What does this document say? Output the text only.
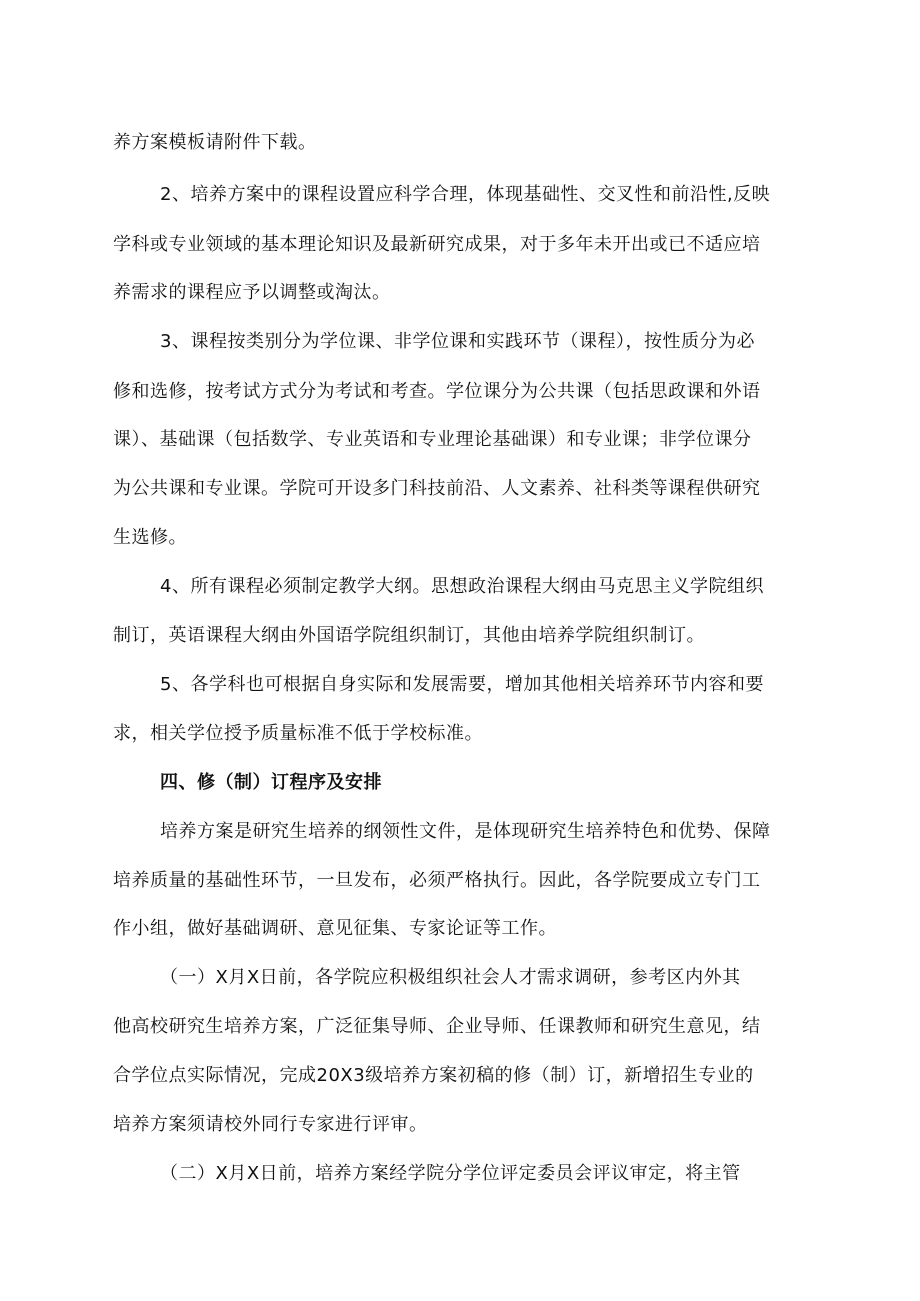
养方案模板请附件下载。
2、培养方案中的课程设置应科学合理，体现基础性、交叉性和前沿性,反映
学科或专业领域的基本理论知识及最新研究成果，对于多年未开出或已不适应培
养需求的课程应予以调整或淘汰。
3、课程按类别分为学位课、非学位课和实践环节（课程），按性质分为必
修和选修，按考试方式分为考试和考查。学位课分为公共课（包括思政课和外语
课）、基础课（包括数学、专业英语和专业理论基础课）和专业课；非学位课分
为公共课和专业课。学院可开设多门科技前沿、人文素养、社科类等课程供研究
生选修。
4、所有课程必须制定教学大纲。思想政治课程大纲由马克思主义学院组织
制订，英语课程大纲由外国语学院组织制订，其他由培养学院组织制订。
5、各学科也可根据自身实际和发展需要，增加其他相关培养环节内容和要
求，相关学位授予质量标准不低于学校标准。
四、修（制）订程序及安排
培养方案是研究生培养的纲领性文件，是体现研究生培养特色和优势、保障
培养质量的基础性环节，一旦发布，必须严格执行。因此，各学院要成立专门工
作小组，做好基础调研、意见征集、专家论证等工作。
（一）X月X日前，各学院应积极组织社会人才需求调研，参考区内外其
他高校研究生培养方案，广泛征集导师、企业导师、任课教师和研究生意见，结
合学位点实际情况，完成20X3级培养方案初稿的修（制）订，新增招生专业的
培养方案须请校外同行专家进行评审。
（二）X月X日前，培养方案经学院分学位评定委员会评议审定，将主管
